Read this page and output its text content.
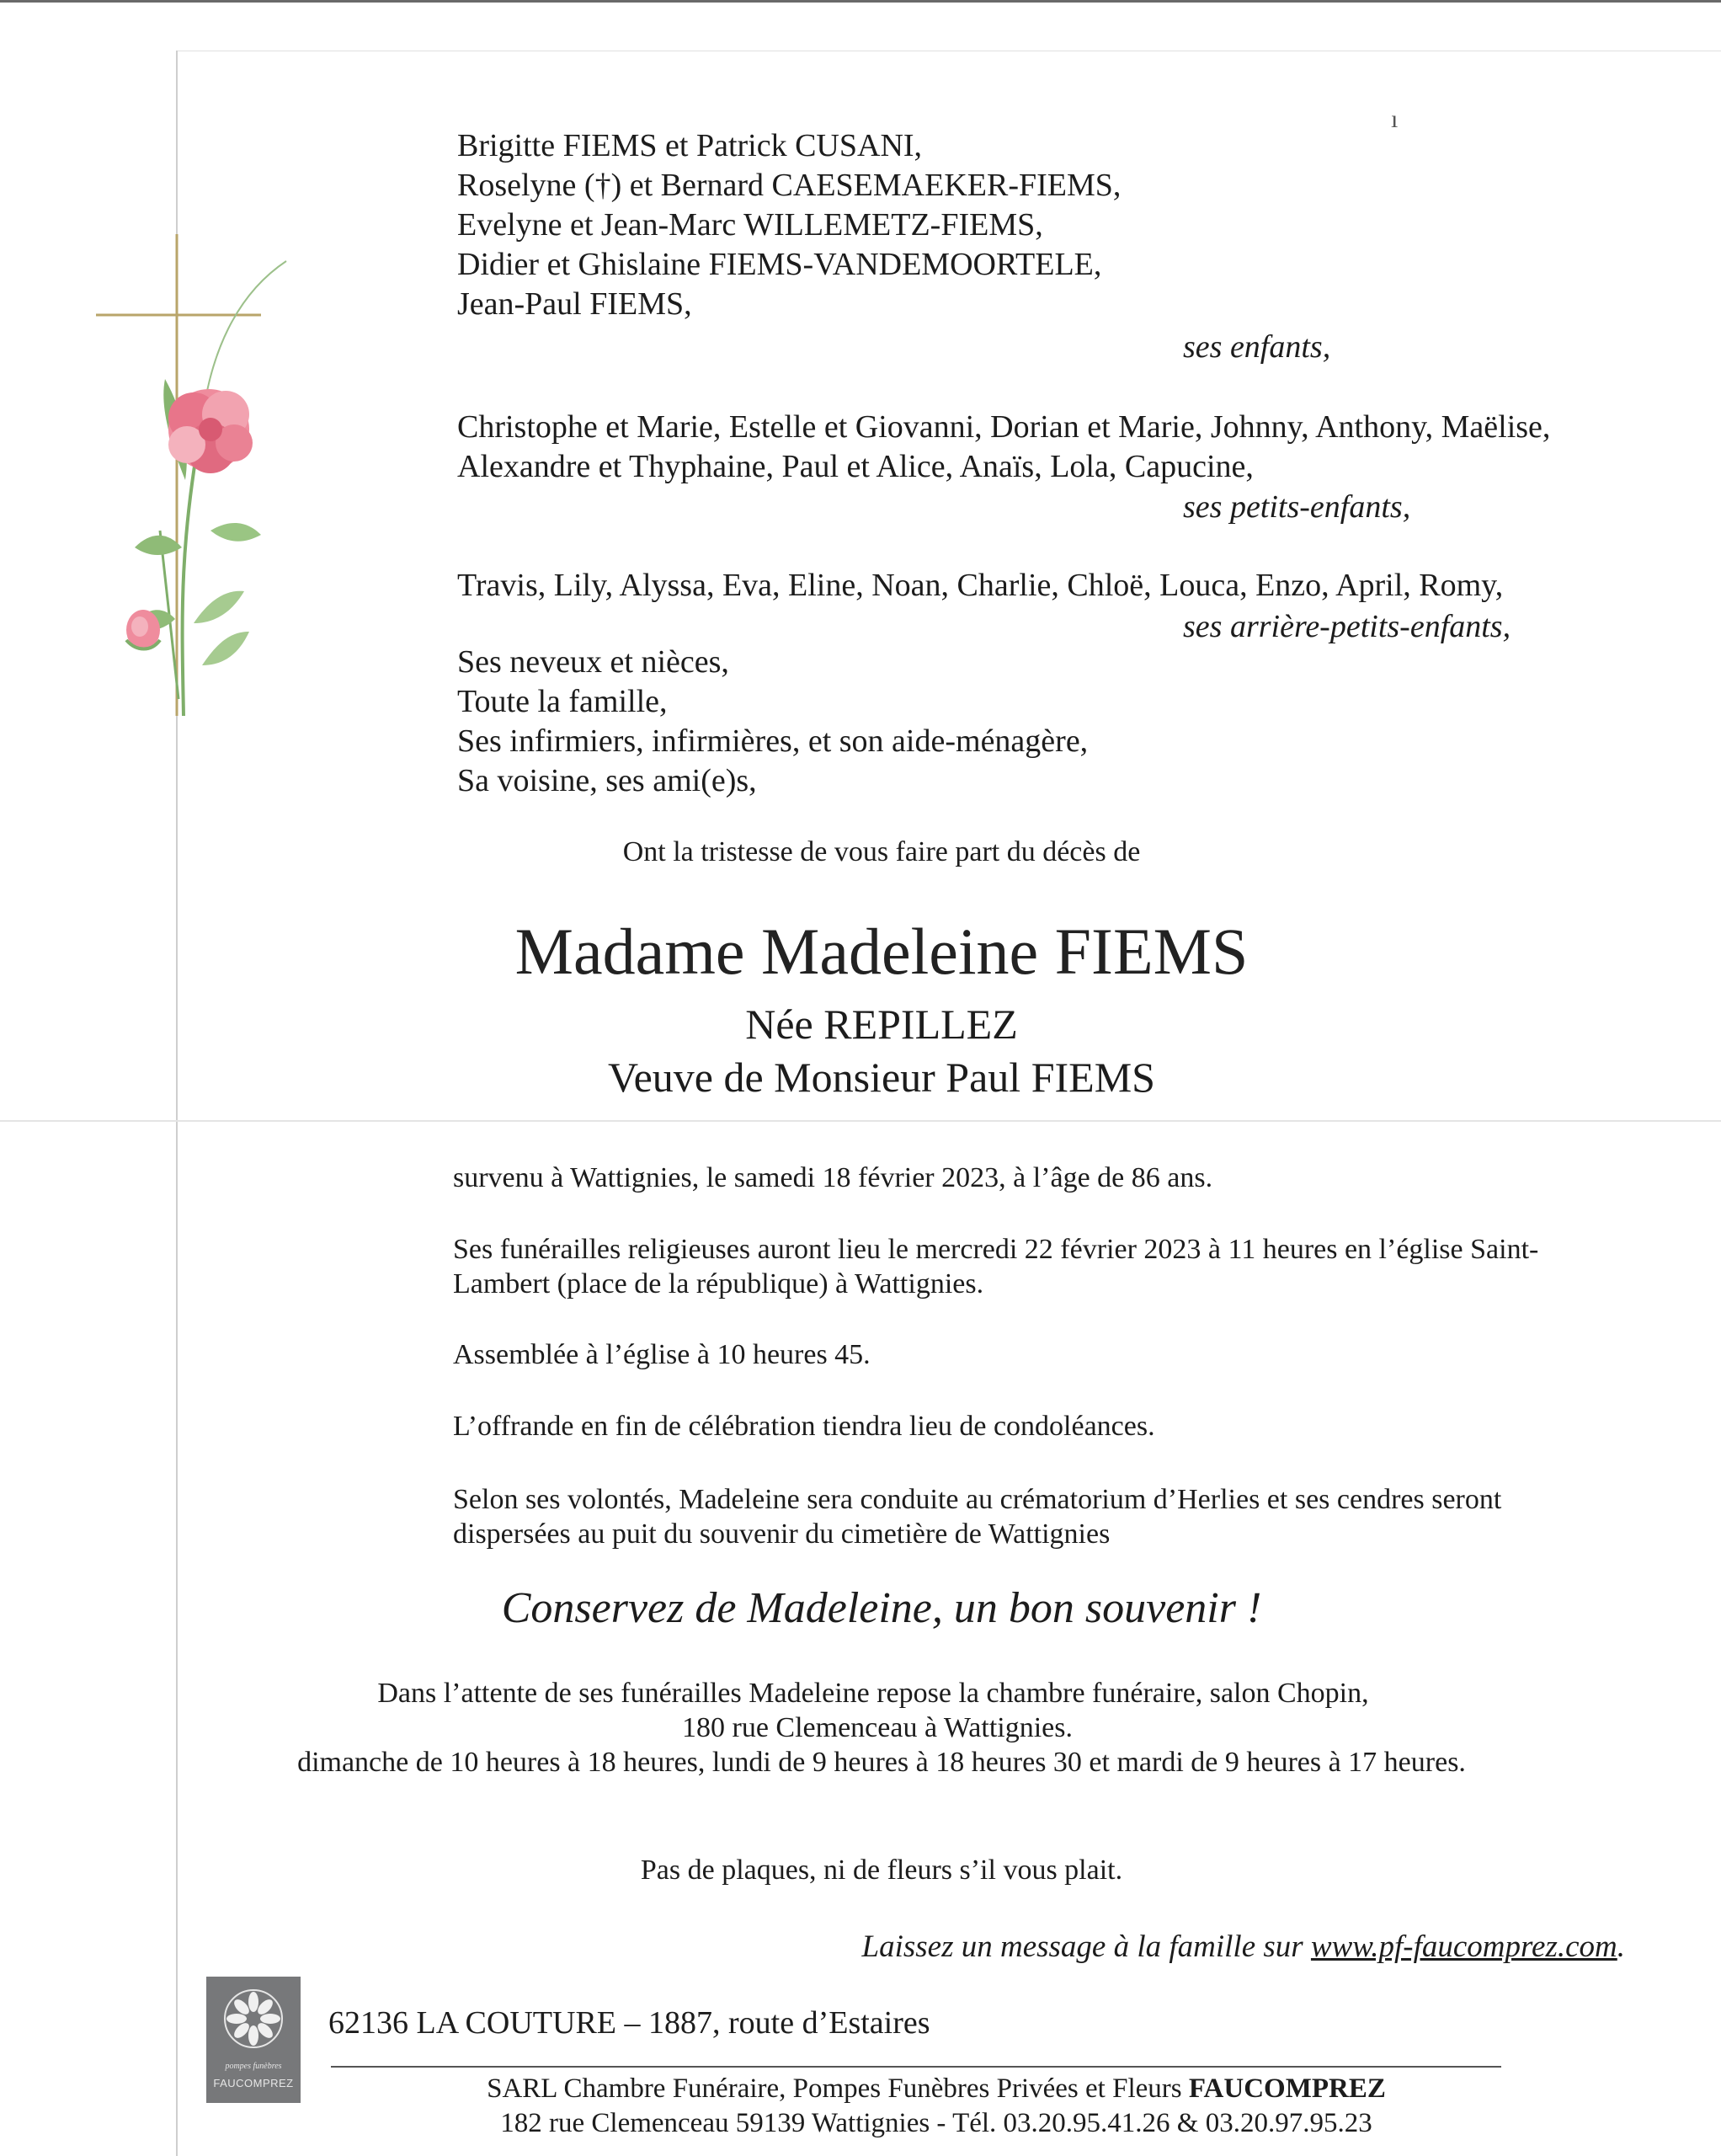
ı
Brigitte FIEMS et Patrick CUSANI,
Roselyne (†) et Bernard CAESEMAEKER-FIEMS,
Evelyne et Jean-Marc WILLEMETZ-FIEMS,
Didier et Ghislaine FIEMS-VANDEMOORTELE,
Jean-Paul FIEMS,
ses enfants,
Christophe et Marie, Estelle et Giovanni, Dorian et Marie, Johnny, Anthony, Maëlise,
Alexandre et Thyphaine, Paul et Alice, Anaïs, Lola, Capucine,
ses petits-enfants,
Travis, Lily, Alyssa, Eva, Eline, Noan, Charlie, Chloë, Louca, Enzo, April, Romy,
ses arrière-petits-enfants,
Ses neveux et nièces,
Toute la famille,
Ses infirmiers, infirmières, et son aide-ménagère,
Sa voisine, ses ami(e)s,
Ont la tristesse de vous faire part du décès de
Madame Madeleine FIEMS
Née REPILLEZ
Veuve de Monsieur Paul FIEMS
survenu à Wattignies, le samedi 18 février 2023, à l’âge de 86 ans.
Ses funérailles religieuses auront lieu le mercredi 22 février 2023 à 11 heures en l’église Saint-
Lambert (place de la république) à Wattignies.
Assemblée à l’église à 10 heures 45.
L’offrande en fin de célébration tiendra lieu de condoléances.
Selon ses volontés, Madeleine sera conduite au crématorium d’Herlies et ses cendres seront
dispersées au puit du souvenir du cimetière de Wattignies
Conservez de Madeleine, un bon souvenir !
Dans l’attente de ses funérailles Madeleine repose la chambre funéraire, salon Chopin,
180 rue Clemenceau à Wattignies.
dimanche de 10 heures à 18 heures, lundi de 9 heures à 18 heures 30 et mardi de 9 heures à 17 heures.
Pas de plaques, ni de fleurs s’il vous plait.
Laissez un message à la famille sur www.pf-faucomprez.com.
pompes funèbres
FAUCOMPREZ
62136 LA COUTURE – 1887, route d’Estaires
SARL Chambre Funéraire, Pompes Funèbres Privées et Fleurs FAUCOMPREZ
182 rue Clemenceau 59139 Wattignies - Tél. 03.20.95.41.26 & 03.20.97.95.23
